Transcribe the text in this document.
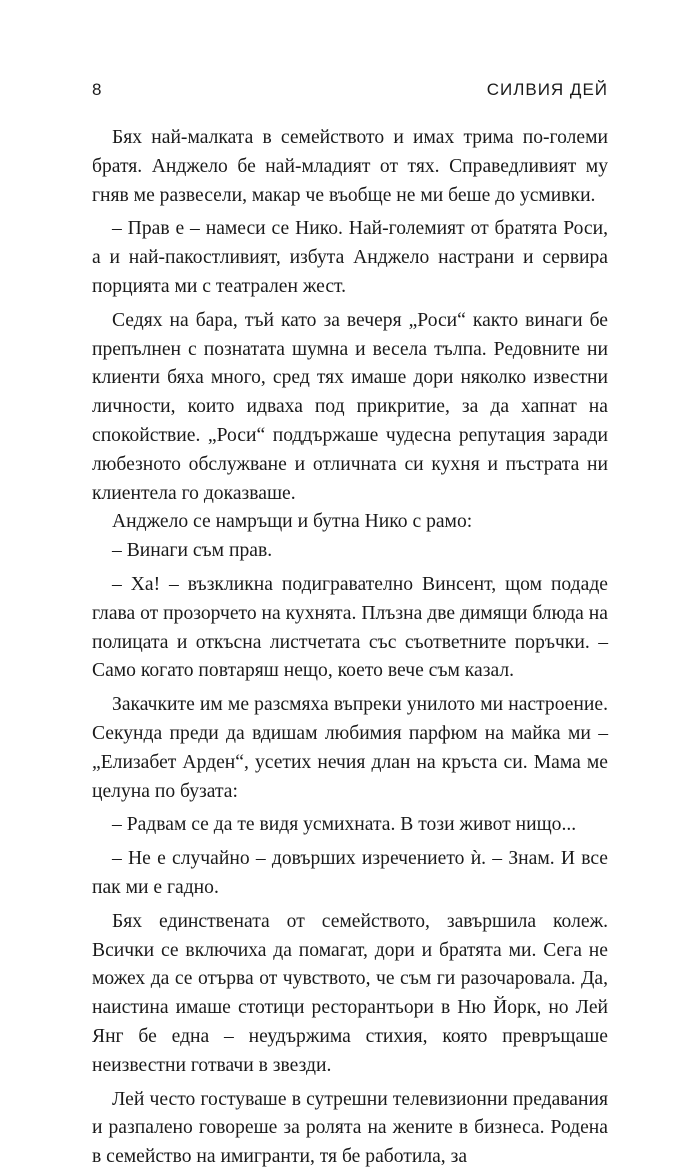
8	СИЛВИЯ ДЕЙ

Бях най-малката в семейството и имах трима по-големи братя. Анджело бе най-младият от тях. Справедливият му гняв ме развесели, макар че въобще не ми беше до усмивки.

– Прав е – намеси се Нико. Най-големият от братята Роси, а и най-пакостливият, избута Анджело настрани и сервира порцията ми с театрален жест.

Седях на бара, тъй като за вечеря „Роси“ както винаги бе препълнен с познатата шумна и весела тълпа. Редовните ни клиенти бяха много, сред тях имаше дори няколко известни личности, които идваха под прикритие, за да хапнат на спокойствие. „Роси“ поддържаше чудесна репутация заради любезното обслужване и отличната си кухня и пъстрата ни клиентела го доказваше.

Анджело се намръщи и бутна Нико с рамо:

– Винаги съм прав.

– Ха! – възкликна подигравателно Винсент, щом подаде глава от прозорчето на кухнята. Плъзна две димящи блюда на полицата и откъсна листчетата със съответните поръчки. – Само когато повтаряш нещо, което вече съм казал.

Закачките им ме разсмяха въпреки унилото ми настроение. Секунда преди да вдишам любимия парфюм на майка ми – „Елизабет Арден“, усетих нечия длан на кръста си. Мама ме целуна по бузата:

– Радвам се да те видя усмихната. В този живот нищо...

– Не е случайно – довърших изречението ѝ. – Знам. И все пак ми е гадно.

Бях единствената от семейството, завършила колеж. Всички се включиха да помагат, дори и братята ми. Сега не можех да се отърва от чувството, че съм ги разочаровала. Да, наистина имаше стотици ресторантьори в Ню Йорк, но Лей Янг бе една – неудържима стихия, която превръщаше неизвестни готвачи в звезди.

Лей често гостуваше в сутрешни телевизионни предавания и разпалено говореше за ролята на жените в бизнеса. Родена в семейство на имигранти, тя бе работила, за
